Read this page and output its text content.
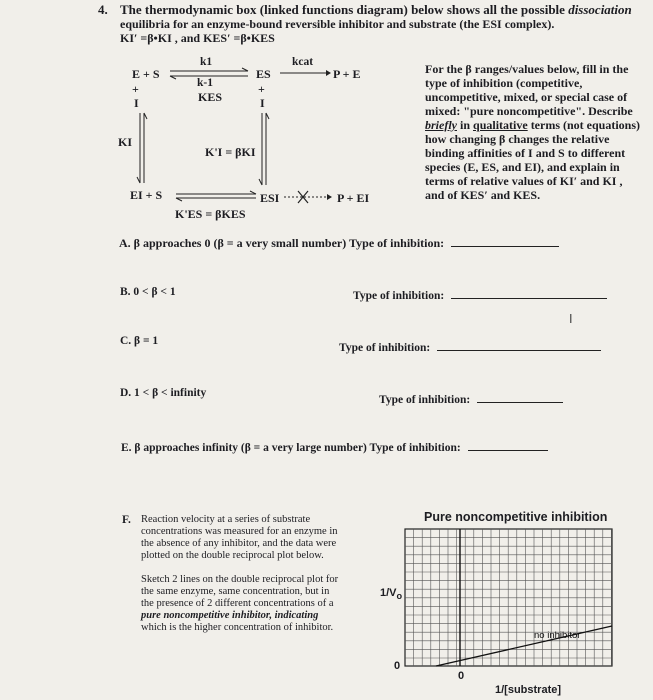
4. The thermodynamic box (linked functions diagram) below shows all the possible dissociation
equilibria for an enzyme-bound reversible inhibitor and substrate (the ESI complex).
KI′ =β•KI , and KES′ =β•KES
E + S
k1
k-1
KES
ES
kcat
P + E
+
I
+
I
KI
K'I = βKI
EI + S	ESI	P + EI
K'ES = βKES
For the β ranges/values below, fill in the
type of inhibition (competitive,
uncompetitive, mixed, or special case of
mixed: "pure noncompetitive". Describe
briefly in qualitative terms (not equations)
how changing β changes the relative
binding affinities of I and S to different
species (E, ES, and EI), and explain in
terms of relative values of KI′ and KI ,
and of KES′ and KES.
A. β approaches 0 (β = a very small number) Type of inhibition:
B. 0 < β < 1	Type of inhibition:
I
C. β = 1
Type of inhibition:
D. 1 < β < infinity
Type of inhibition:
E. β approaches infinity (β = a very large number) Type of inhibition:
F. Reaction velocity at a series of substrate
concentrations was measured for an enzyme in
the absence of any inhibitor, and the data were
plotted on the double reciprocal plot below.
Sketch 2 lines on the double reciprocal plot for
the same enzyme, same concentration, but in
the presence of 2 different concentrations of a
pure noncompetitive inhibitor, indicating
which is the higher concentration of inhibitor.
Pure noncompetitive inhibition
$1/V_o$
0
0
1/[substrate]
no inhibitor
